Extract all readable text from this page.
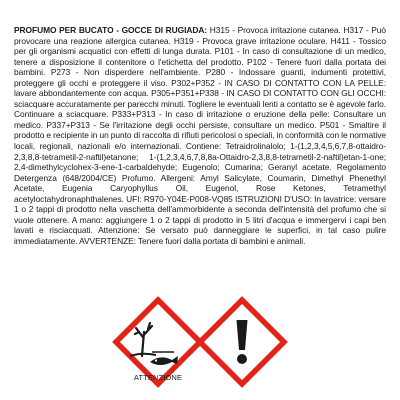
PROFUMO PER BUCATO - GOCCE DI RUGIADA: H315 - Provoca irritazione cutanea. H317 - Può provocare una reazione allergica cutanea. H319 - Provoca grave irritazione oculare. H411 - Tossico per gli organismi acquatici con effetti di lunga durata. P101 - In caso di consultazione di un medico, tenere a disposizione il contenitore o l'etichetta del prodotto. P102 - Tenere fuori dalla portata dei bambini. P273 - Non disperdere nell'ambiente. P280 - Indossare guanti, indumenti protettivi, proteggere gli occhi e proteggere il viso. P302+P352 - IN CASO DI CONTATTO CON LA PELLE: lavare abbondantemente con acqua. P305+P351+P338 - IN CASO DI CONTATTO CON GLI OCCHI: sciacquare accuratamente per parecchi minuti. Togliere le eventuali lenti a contatto se è agevole farlo. Continuare a sciacquare. P333+P313 - In caso di irritazione o eruzione della pelle: Consultare un medico. P337+P313 - Se l'irritazione degli occhi persiste, consultare un medico. P501 - Smaltire il prodotto e recipiente in un punto di raccolta di rifiuti pericolosi o speciali, in conformità con le normative locali, regionali, nazionali e/o internazionali. Contiene: Tetraidrolinalolo; 1-(1,2,3,4,5,6,7,8-ottaidro-2,3,8,8-tetrametil-2-naftil)etanone; 1-(1,2,3,4,6,7,8,8a-Ottaidro-2,3,8,8-tetrametil-2-naftil)etan-1-one; 2,4-dimethylcyclohex-3-ene-1-carbaldehyde; Eugenolo; Cumarina; Geranyl acetate. Regolamento Detergenza (648/2004/CE) Profumo. Allergeni: Amyl Salicylate, Coumarin, Dimethyl Phenethyl Acetate, Eugenia Caryophyllus Oil, Eugenol, Rose Ketones, Tetramethyl acetyloctahydronaphthalenes. UFI: R970-Y04E-P008-VQ85 ISTRUZIONI D'USO: In lavatrice: versare 1 o 2 tappi di prodotto nella vaschetta dell'ammorbidente a seconda dell'intensità del profumo che si vuole ottenere. A mano: aggiungere 1 o 2 tappi di prodotto in 5 litri d'acqua e immergervi i capi ben lavati e risciacquati. Attenzione: Se versato può danneggiare le superfici, in tal caso pulire immediatamente. AVVERTENZE: Tenere fuori dalla portata di bambini e animali.
ATTENZIONE
